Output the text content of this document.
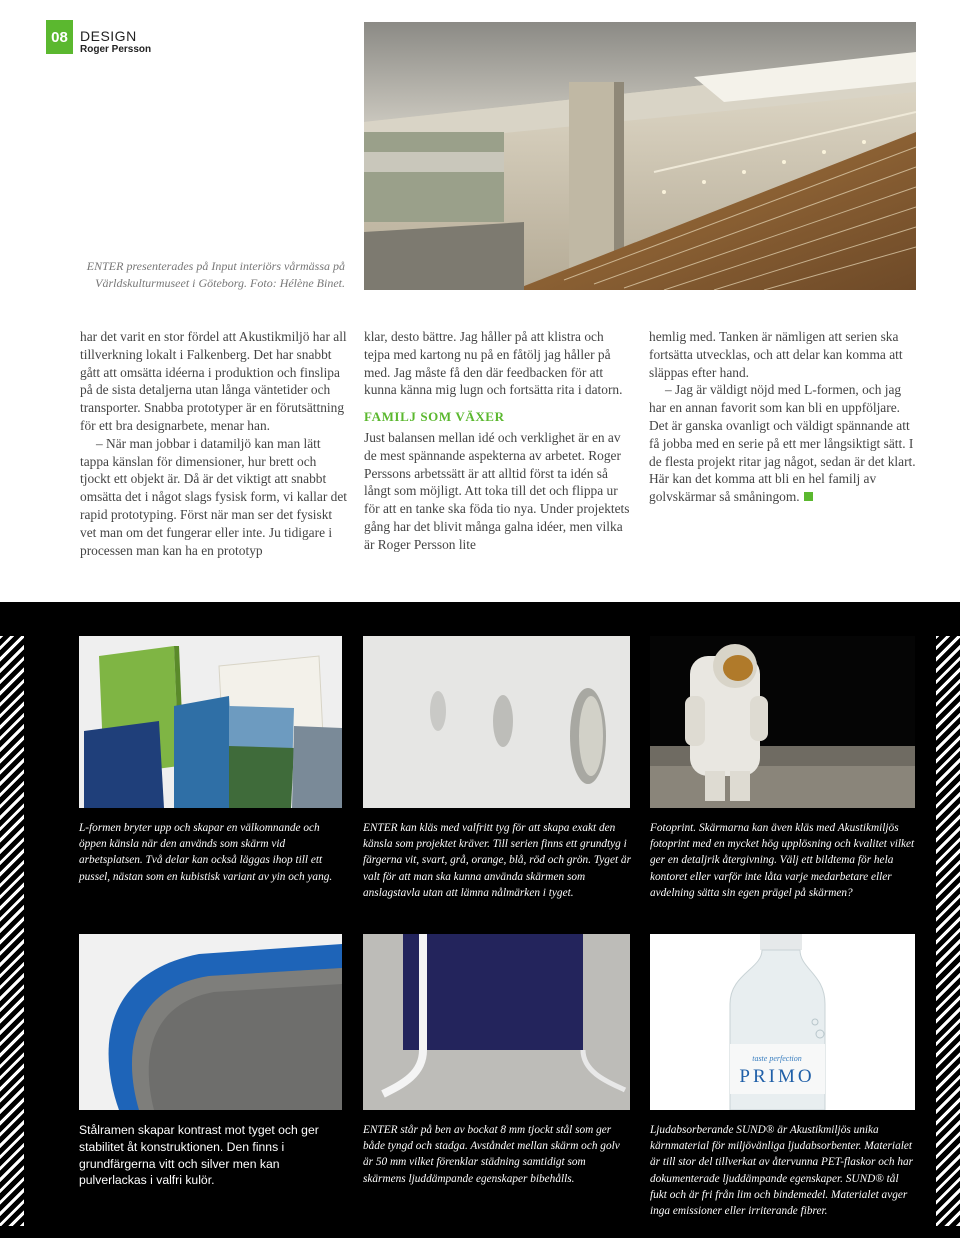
08 DESIGN
Roger Persson
ENTER presenterades på Input interiörs vårmässa på Världskulturmuseet i Göteborg. Foto: Hélène Binet.

har det varit en stor fördel att Akustikmiljö har all tillverkning lokalt i Falkenberg. Det har snabbt gått att omsätta idéerna i produktion och finslipa på de sista detaljerna utan långa väntetider och transporter. Snabba prototyper är en förutsättning för ett bra designarbete, menar han.

– När man jobbar i datamiljö kan man lätt tappa känslan för dimensioner, hur brett och tjockt ett objekt är. Då är det viktigt att snabbt omsätta det i något slags fysisk form, vi kallar det rapid prototyping. Först när man ser det fysiskt vet man om det fungerar eller inte. Ju tidigare i processen man kan ha en prototyp

klar, desto bättre. Jag håller på att klistra och tejpa med kartong nu på en fåtölj jag håller på med. Jag måste få den där feedbacken för att kunna känna mig lugn och fortsätta rita i datorn.

FAMILJ SOM VÄXER

Just balansen mellan idé och verklighet är en av de mest spännande aspekterna av arbetet. Roger Perssons arbetssätt är att alltid först ta idén så långt som möjligt. Att toka till det och flippa ur för att en tanke ska föda tio nya. Under projektets gång har det blivit många galna idéer, men vilka är Roger Persson lite

hemlig med. Tanken är nämligen att serien ska fortsätta utvecklas, och att delar kan komma att släppas efter hand.

– Jag är väldigt nöjd med L-formen, och jag har en annan favorit som kan bli en uppföljare. Det är ganska ovanligt och väldigt spännande att få jobba med en serie på ett mer långsiktigt sätt. I de flesta projekt ritar jag något, sedan är det klart. Här kan det komma att bli en hel familj av golvskärmar så småningom.

L-formen bryter upp och skapar en välkomnande och öppen känsla när den används som skärm vid arbetsplatsen. Två delar kan också läggas ihop till ett pussel, nästan som en kubistisk variant av yin och yang.
ENTER kan kläs med valfritt tyg för att skapa exakt den känsla som projektet kräver. Till serien finns ett grundtyg i färgerna vit, svart, grå, orange, blå, röd och grön. Tyget är valt för att man ska kunna använda skärmen som anslagstavla utan att lämna nålmärken i tyget.
Fotoprint. Skärmarna kan även kläs med Akustikmiljös fotoprint med en mycket hög upplösning och kvalitet vilket ger en detaljrik återgivning. Välj ett bildtema för hela kontoret eller varför inte låta varje medarbetare eller avdelning sätta sin egen prägel på skärmen?
taste perfection
PRIMO
Stålramen skapar kontrast mot tyget och ger stabilitet åt konstruktionen. Den finns i grundfärgerna vitt och silver men kan pulverlackas i valfri kulör.
ENTER står på ben av bockat 8 mm tjockt stål som ger både tyngd och stadga. Avståndet mellan skärm och golv är 50 mm vilket förenklar städning samtidigt som skärmens ljuddämpande egenskaper bibehålls.
Ljudabsorberande SUND® är Akustikmiljös unika kärnmaterial för miljövänliga ljudabsorbenter. Materialet är till stor del tillverkat av återvunna PET-flaskor och har dokumenterade ljuddämpande egenskaper. SUND® tål fukt och är fri från lim och bindemedel. Materialet avger inga emissioner eller irriterande fibrer.
